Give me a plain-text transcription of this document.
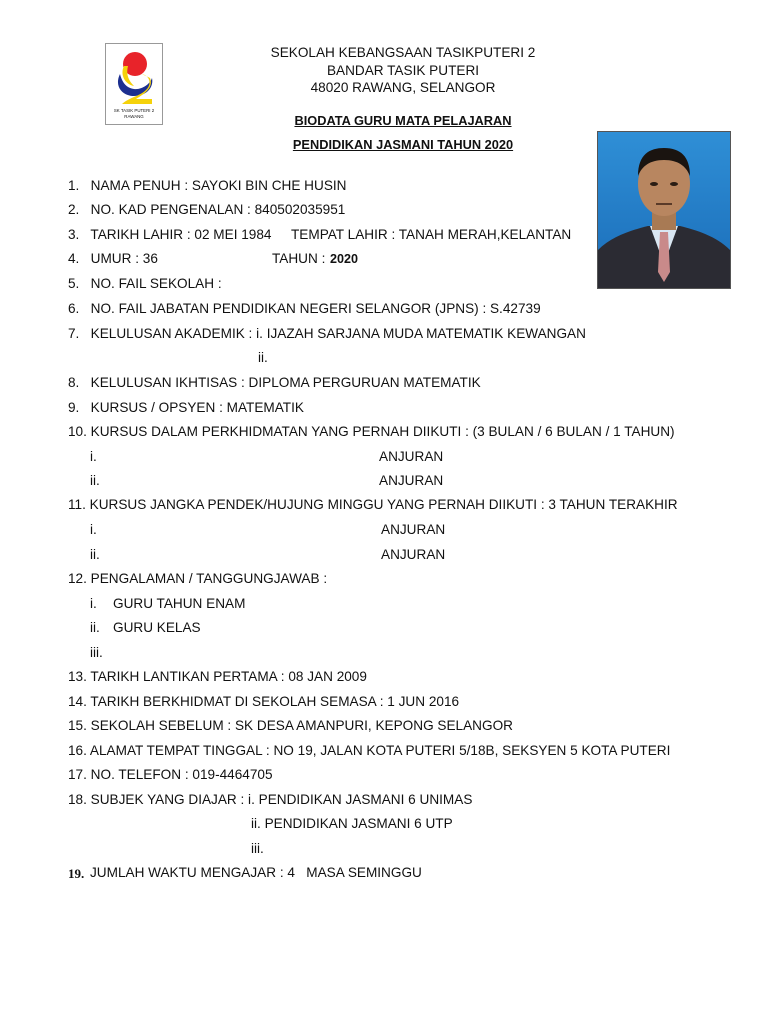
SK TASIK PUTERI 2
RAWANG
SEKOLAH KEBANGSAAN TASIKPUTERI 2
BANDAR TASIK PUTERI
48020 RAWANG, SELANGOR
BIODATA GURU MATA PELAJARAN
PENDIDIKAN JASMANI TAHUN 2020
1.   NAMA PENUH : SAYOKI BIN CHE HUSIN
2.   NO. KAD PENGENALAN : 840502035951
3.   TARIKH LAHIR : 02 MEI 1984 TEMPAT LAHIR : TANAH MERAH,KELANTAN
4.   UMUR : 36	TAHUN : 2020
5.   NO. FAIL SEKOLAH :
6.   NO. FAIL JABATAN PENDIDIKAN NEGERI SELANGOR (JPNS) : S.42739
7.   KELULUSAN AKADEMIK : i. IJAZAH SARJANA MUDA MATEMATIK KEWANGAN
ii.
8.   KELULUSAN IKHTISAS : DIPLOMA PERGURUAN MATEMATIK
9.   KURSUS / OPSYEN : MATEMATIK
10. KURSUS DALAM PERKHIDMATAN YANG PERNAH DIIKUTI : (3 BULAN / 6 BULAN / 1 TAHUN)
i.	ANJURAN
ii.	ANJURAN
11. KURSUS JANGKA PENDEK/HUJUNG MINGGU YANG PERNAH DIIKUTI : 3 TAHUN TERAKHIR
i.	ANJURAN
ii.	ANJURAN
12. PENGALAMAN / TANGGUNGJAWAB :
i. GURU TAHUN ENAM
ii. GURU KELAS
iii.
13. TARIKH LANTIKAN PERTAMA : 08 JAN 2009
14. TARIKH BERKHIDMAT DI SEKOLAH SEMASA : 1 JUN 2016
15. SEKOLAH SEBELUM : SK DESA AMANPURI, KEPONG SELANGOR
16. ALAMAT TEMPAT TINGGAL : NO 19, JALAN KOTA PUTERI 5/18B, SEKSYEN 5 KOTA PUTERI
17. NO. TELEFON : 019-4464705
18. SUBJEK YANG DIAJAR : i. PENDIDIKAN JASMANI 6 UNIMAS
ii. PENDIDIKAN JASMANI 6 UTP
iii.
19. JUMLAH WAKTU MENGAJAR : 4   MASA SEMINGGU
